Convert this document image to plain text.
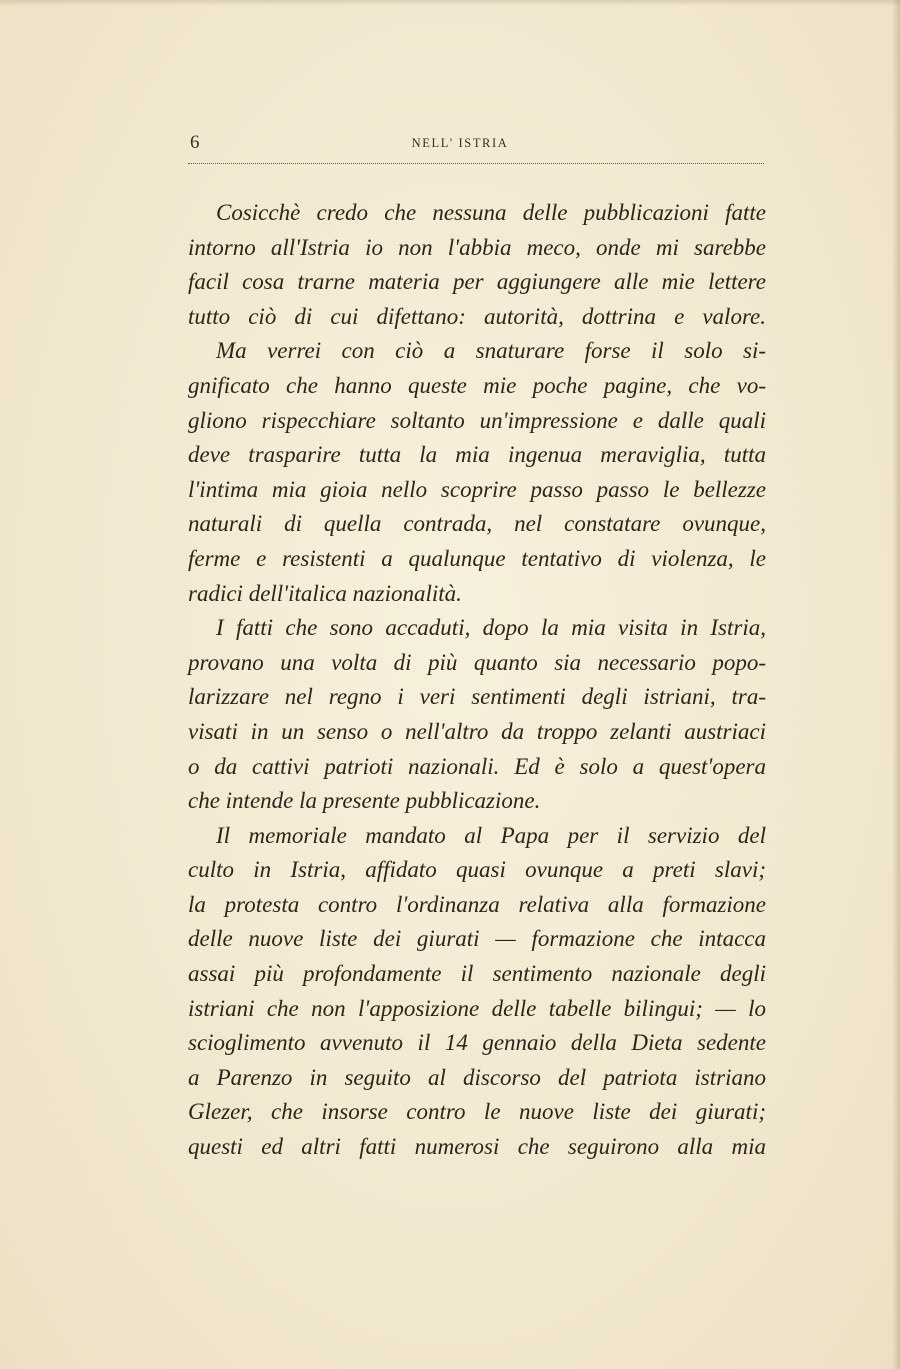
6	NELL' ISTRIA
Cosicchè credo che nessuna delle pubblicazioni fatte
intorno all'Istria io non l'abbia meco, onde mi sarebbe
facil cosa trarne materia per aggiungere alle mie lettere
tutto ciò di cui difettano: autorità, dottrina e valore.
Ma verrei con ciò a snaturare forse il solo si-
gnificato che hanno queste mie poche pagine, che vo-
gliono rispecchiare soltanto un'impressione e dalle quali
deve trasparire tutta la mia ingenua meraviglia, tutta
l'intima mia gioia nello scoprire passo passo le bellezze
naturali di quella contrada, nel constatare ovunque,
ferme e resistenti a qualunque tentativo di violenza, le
radici dell'italica nazionalità.
I fatti che sono accaduti, dopo la mia visita in Istria,
provano una volta di più quanto sia necessario popo-
larizzare nel regno i veri sentimenti degli istriani, tra-
visati in un senso o nell'altro da troppo zelanti austriaci
o da cattivi patrioti nazionali. Ed è solo a quest'opera
che intende la presente pubblicazione.
Il memoriale mandato al Papa per il servizio del
culto in Istria, affidato quasi ovunque a preti slavi;
la protesta contro l'ordinanza relativa alla formazione
delle nuove liste dei giurati — formazione che intacca
assai più profondamente il sentimento nazionale degli
istriani che non l'apposizione delle tabelle bilingui; — lo
scioglimento avvenuto il 14 gennaio della Dieta sedente
a Parenzo in seguito al discorso del patriota istriano
Glezer, che insorse contro le nuove liste dei giurati;
questi ed altri fatti numerosi che seguirono alla mia
